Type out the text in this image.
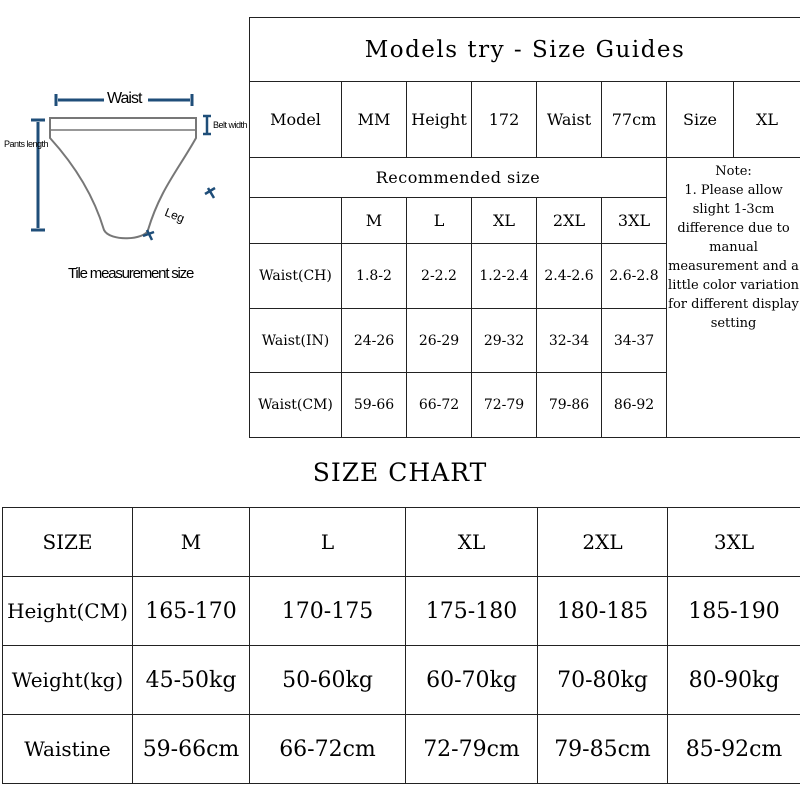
Waist
Belt width
Pants length
Leg
Tile measurement size
Models try - Size Guides							
Model	MM	Height	172	Waist	77cm	Size	XL
Recommended size						Note:
1. Please allow slight 1-3cm difference due to manual measurement and a little color variation for different display setting	

	M	L	XL	2XL	3XL		
Waist(CH)	1.8-2	2-2.2	1.2-2.4	2.4-2.6	2.6-2.8		
Waist(IN)	24-26	26-29	29-32	32-34	34-37		
Waist(CM)	59-66	66-72	72-79	79-86	86-92		
SIZE CHART
SIZE	M	L	XL	2XL	3XL
Height(CM)	165-170	170-175	175-180	180-185	185-190
Weight(kg)	45-50kg	50-60kg	60-70kg	70-80kg	80-90kg
Waistine	59-66cm	66-72cm	72-79cm	79-85cm	85-92cm
